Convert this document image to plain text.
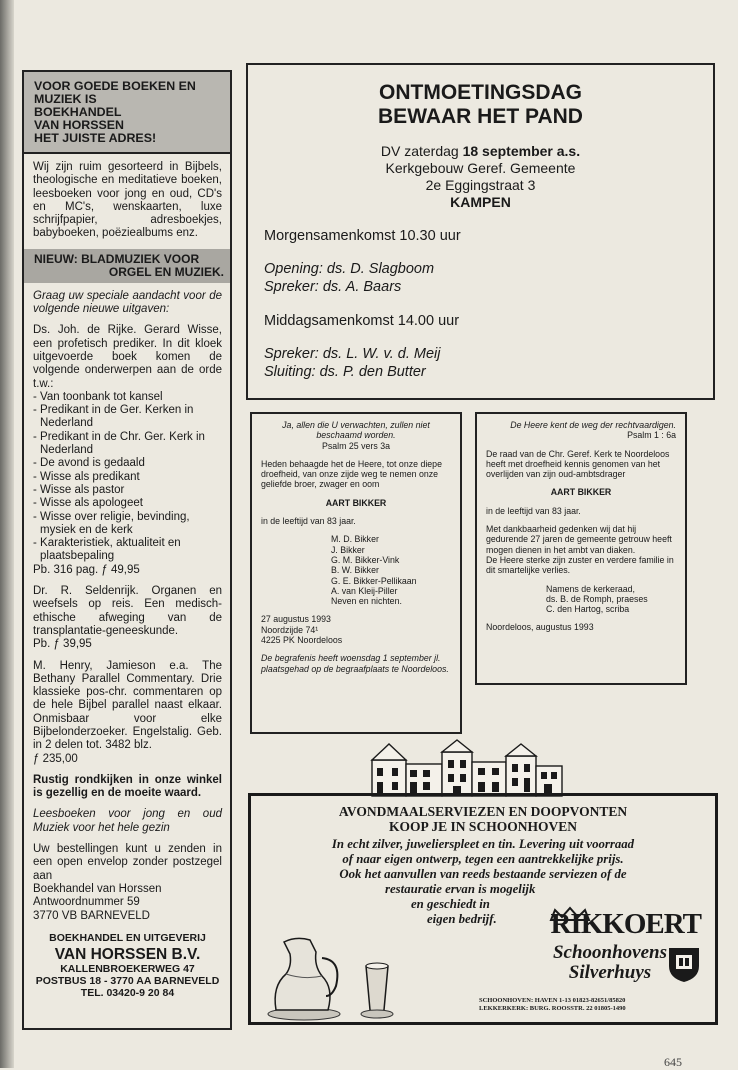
VOOR GOEDE BOEKEN EN
MUZIEK IS
BOEKHANDEL
VAN HORSSEN
HET JUISTE ADRES!

Wij zijn ruim gesorteerd in Bijbels, theologische en meditatieve boeken, leesboeken voor jong en oud, CD's en MC's, wenskaarten, luxe schrijfpapier, adresboekjes, babyboeken, poëziealbums enz.

NIEUW: BLADMUZIEK VOOR
ORGEL EN MUZIEK.

Graag uw speciale aandacht voor de volgende nieuwe uitgaven:

Ds. Joh. de Rijke. Gerard Wisse, een profetisch prediker. In dit kloek uitgevoerde boek komen de volgende onderwerpen aan de orde t.w.:

- Van toonbank tot kansel
- Predikant in de Ger. Kerken in Nederland
- Predikant in de Chr. Ger. Kerk in Nederland
- De avond is gedaald
- Wisse als predikant
- Wisse als pastor
- Wisse als apologeet
- Wisse over religie, bevinding, mysiek en de kerk
- Karakteristiek, aktualiteit en plaatsbepaling

Pb. 316 pag. ƒ 49,95

Dr. R. Seldenrijk. Organen en weefsels op reis. Een medisch-ethische afweging van de transplantatie-geneeskunde.

Pb. ƒ 39,95

M. Henry, Jamieson e.a. The Bethany Parallel Commentary. Drie klassieke pos-chr. commentaren op de hele Bijbel parallel naast elkaar. Onmisbaar voor elke Bijbelonderzoeker. Engelstalig. Geb. in 2 delen tot. 3482 blz.

ƒ 235,00

Rustig rondkijken in onze winkel is gezellig en de moeite waard.

Leesboeken voor jong en oud Muziek voor het hele gezin

Uw bestellingen kunt u zenden in een open envelop zonder postzegel aan

Boekhandel van Horssen
Antwoordnummer 59
3770 VB BARNEVELD
BOEKHANDEL EN UITGEVERIJ
VAN HORSSEN B.V.
KALLENBROEKERWEG 47
POSTBUS 18 - 3770 AA BARNEVELD
TEL. 03420-9 20 84
ONTMOETINGSDAG
BEWAAR HET PAND
DV zaterdag 18 september a.s.
Kerkgebouw Geref. Gemeente
2e Eggingstraat 3
KAMPEN
Morgensamenkomst 10.30 uur
Opening: ds. D. Slagboom
Spreker: ds. A. Baars
Middagsamenkomst 14.00 uur
Spreker: ds. L. W. v. d. Meij
Sluiting: ds. P. den Butter
Ja, allen die U verwachten, zullen niet beschaamd worden.
Psalm 25 vers 3a

Heden behaagde het de Heere, tot onze diepe droefheid, van onze zijde weg te nemen onze geliefde broer, zwager en oom

AART BIKKER

in de leeftijd van 83 jaar.

M. D. Bikker
J. Bikker
G. M. Bikker-Vink
B. W. Bikker
G. E. Bikker-Pellikaan
A. van Kleij-Piller
Neven en nichten.

27 augustus 1993
Noordzijde 74¹
4225 PK Noordeloos

De begrafenis heeft woensdag 1 september jl. plaatsgehad op de begraafplaats te Noordeloos.

De Heere kent de weg der rechtvaardigen.
Psalm 1 : 6a

De raad van de Chr. Geref. Kerk te Noordeloos heeft met droefheid kennis genomen van het overlijden van zijn oud-ambtsdrager

AART BIKKER

in de leeftijd van 83 jaar.

Met dankbaarheid gedenken wij dat hij gedurende 27 jaren de gemeente getrouw heeft mogen dienen in het ambt van diaken.

De Heere sterke zijn zuster en verdere familie in dit smartelijke verlies.

Namens de kerkeraad,
ds. B. de Romph, praeses
C. den Hartog, scriba

Noordeloos, augustus 1993

AVONDMAALSERVIEZEN EN DOOPVONTEN
KOOP JE IN SCHOONHOVEN
In echt zilver, juwelierspleet en tin. Levering uit voorraad
of naar eigen ontwerp, tegen een aantrekkelijke prijs.
Ook het aanvullen van reeds bestaande serviezen of de
restauratie ervan is mogelijk
en geschiedt in
eigen bedrijf.	RIKKOERT
Schoonhovens
Silverhuys
SCHOONHOVEN: HAVEN 1-13 01823-82651/85820
LEKKERKERK: BURG. ROOSSTR. 22 01805-1490
645
